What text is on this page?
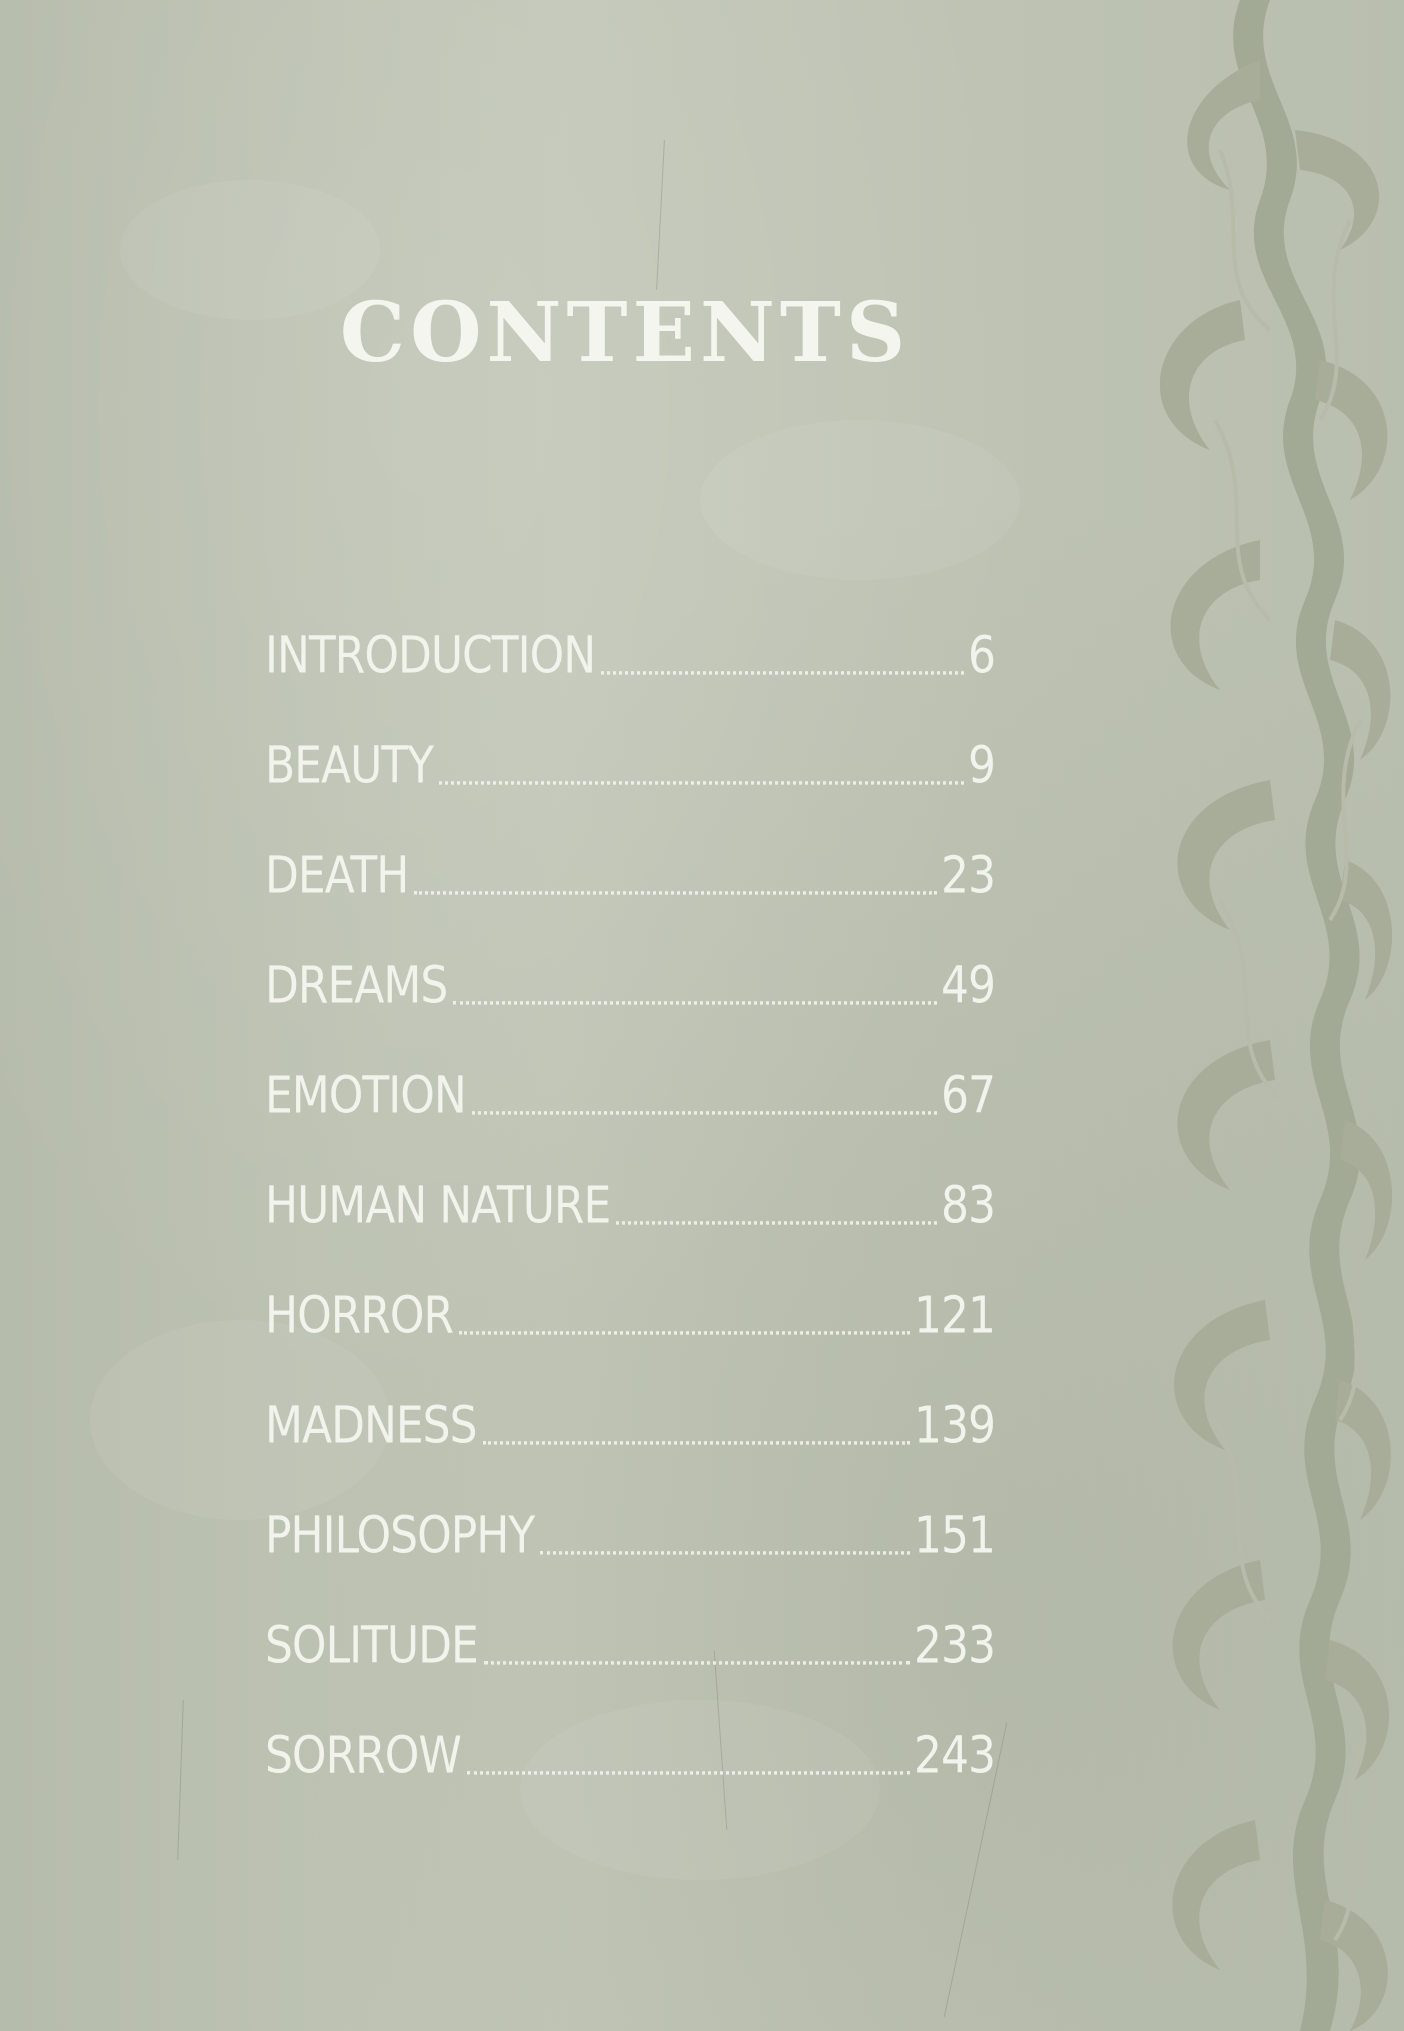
CONTENTS
INTRODUCTION	6
BEAUTY	9
DEATH	23
DREAMS	49
EMOTION	67
HUMAN NATURE	83
HORROR	121
MADNESS	139
PHILOSOPHY	151
SOLITUDE	233
SORROW	243
